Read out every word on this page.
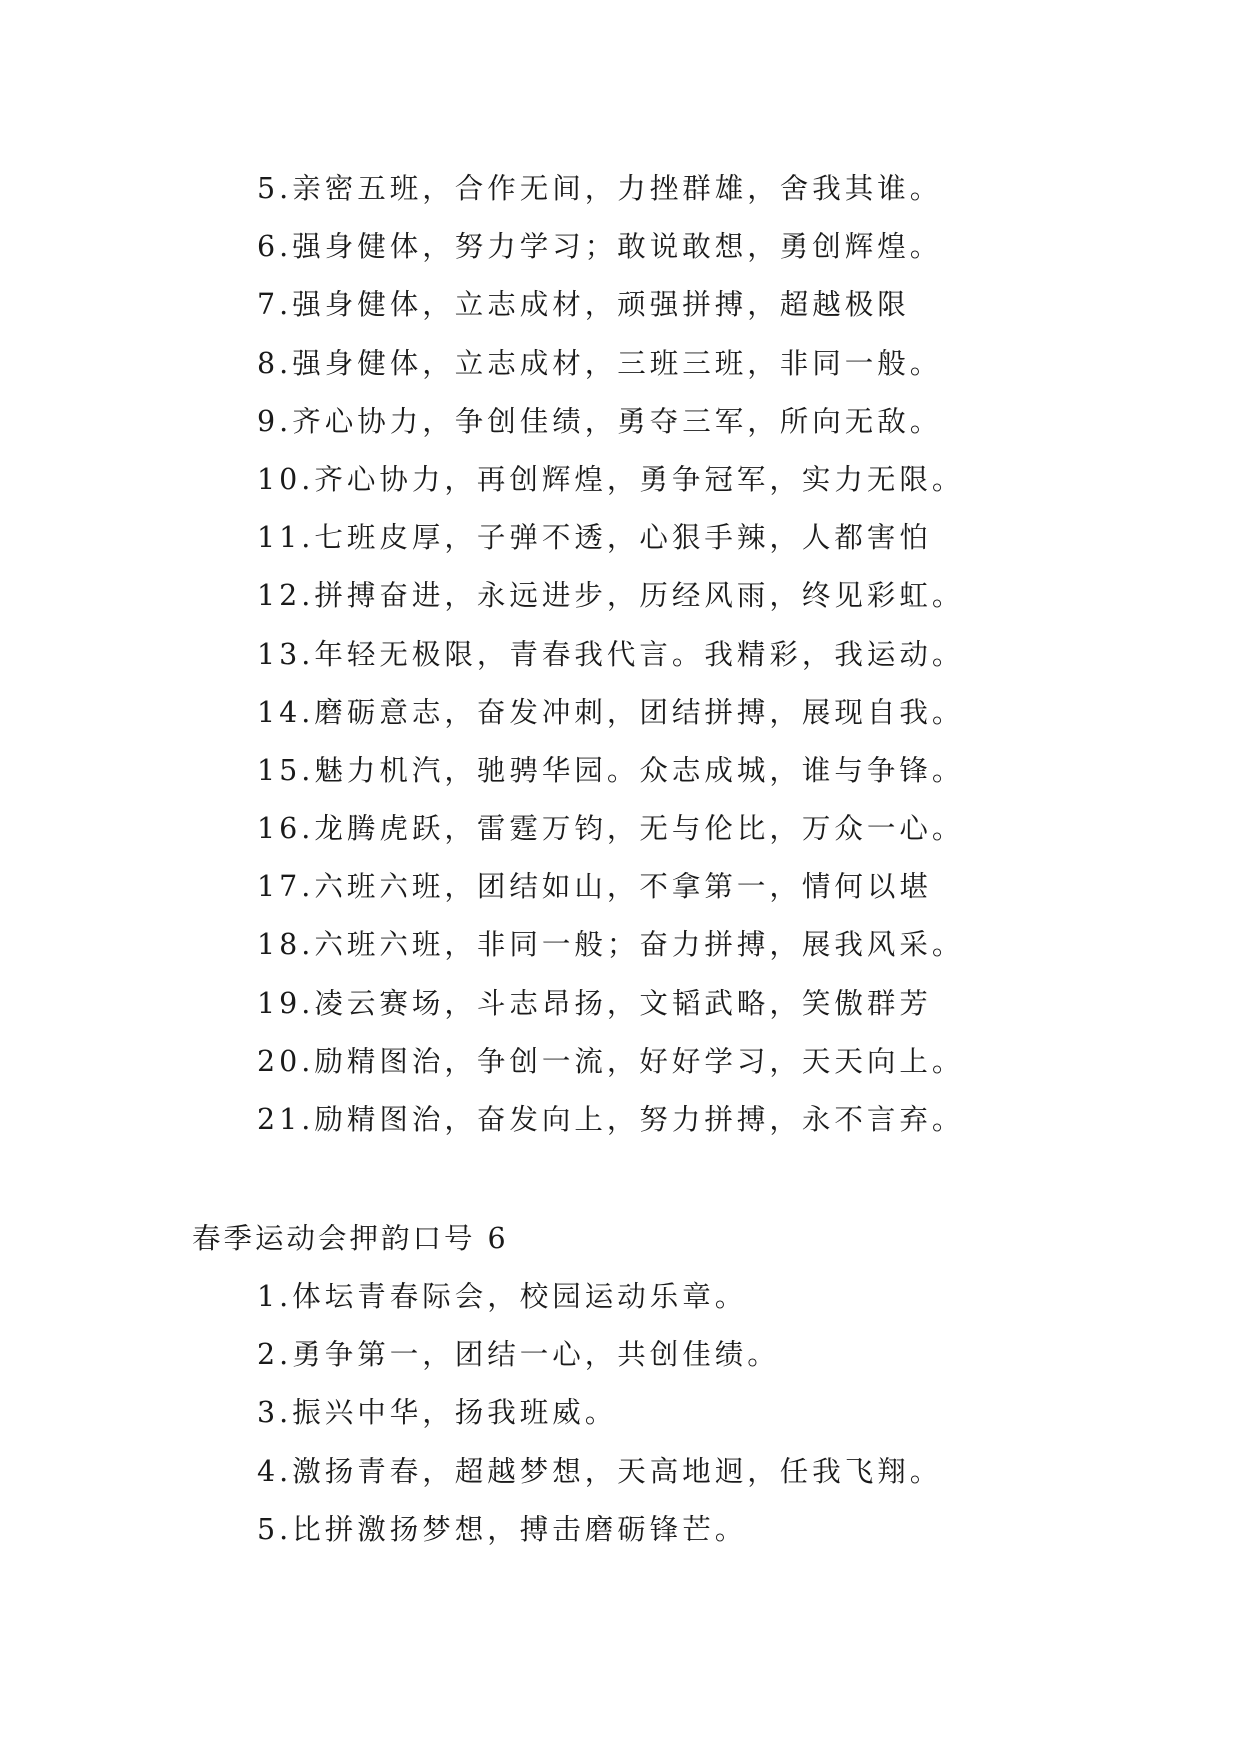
5.亲密五班，合作无间，力挫群雄，舍我其谁。
6.强身健体，努力学习；敢说敢想，勇创辉煌。
7.强身健体，立志成材，顽强拼搏，超越极限
8.强身健体，立志成材，三班三班，非同一般。
9.齐心协力，争创佳绩，勇夺三军，所向无敌。
10.齐心协力，再创辉煌，勇争冠军，实力无限。
11.七班皮厚，子弹不透，心狠手辣，人都害怕
12.拼搏奋进，永远进步，历经风雨，终见彩虹。
13.年轻无极限，青春我代言。我精彩，我运动。
14.磨砺意志，奋发冲刺，团结拼搏，展现自我。
15.魅力机汽，驰骋华园。众志成城，谁与争锋。
16.龙腾虎跃，雷霆万钧，无与伦比，万众一心。
17.六班六班，团结如山，不拿第一，情何以堪
18.六班六班，非同一般；奋力拼搏，展我风采。
19.凌云赛场，斗志昂扬，文韬武略，笑傲群芳
20.励精图治，争创一流，好好学习，天天向上。
21.励精图治，奋发向上，努力拼搏，永不言弃。
春季运动会押韵口号 6
1.体坛青春际会，校园运动乐章。
2.勇争第一，团结一心，共创佳绩。
3.振兴中华，扬我班威。
4.激扬青春，超越梦想，天高地迥，任我飞翔。
5.比拼激扬梦想，搏击磨砺锋芒。
